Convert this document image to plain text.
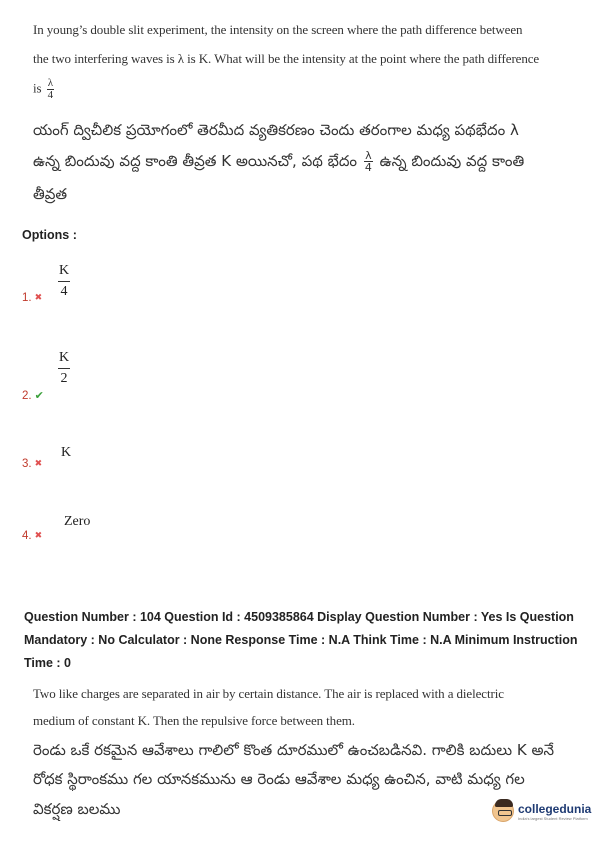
In young’s double slit experiment, the intensity on the screen where the path difference between
the two interfering waves is λ is K. What will be the intensity at the point where the path difference
is $\frac{\lambda}{4}$
యంగ్ ద్విచీలిక ప్రయోగంలో తెరమీద వ్యతికరణం చెందు తరంగాల మధ్య పథభేదం λ
ఉన్న బిందువు వద్ద కాంతి తీవ్రత K అయినచో, పథ భేదం $\frac{\lambda}{4}$ ఉన్న బిందువు వద్ద కాంతి
తీవ్రత
Options :
K
4
1. ✖
K
2
2. ✔
K
3. ✖
Zero
4. ✖
Question Number : 104 Question Id : 4509385864 Display Question Number : Yes Is Question
Mandatory : No Calculator : None Response Time : N.A Think Time : N.A Minimum Instruction
Time : 0
Two like charges are separated in air by certain distance. The air is replaced with a dielectric
medium of constant K. Then the repulsive force between them.
రెండు ఒకే రకమైన ఆవేశాలు గాలిలో కొంత దూరములో ఉంచబడినవి. గాలికి బదులు K అనే
రోధక స్థిరాంకము గల యానకమును ఆ రెండు ఆవేశాల మధ్య ఉంచిన, వాటి మధ్య గల
వికర్షణ బలము	collegedunia
India's largest Student Review Platform
